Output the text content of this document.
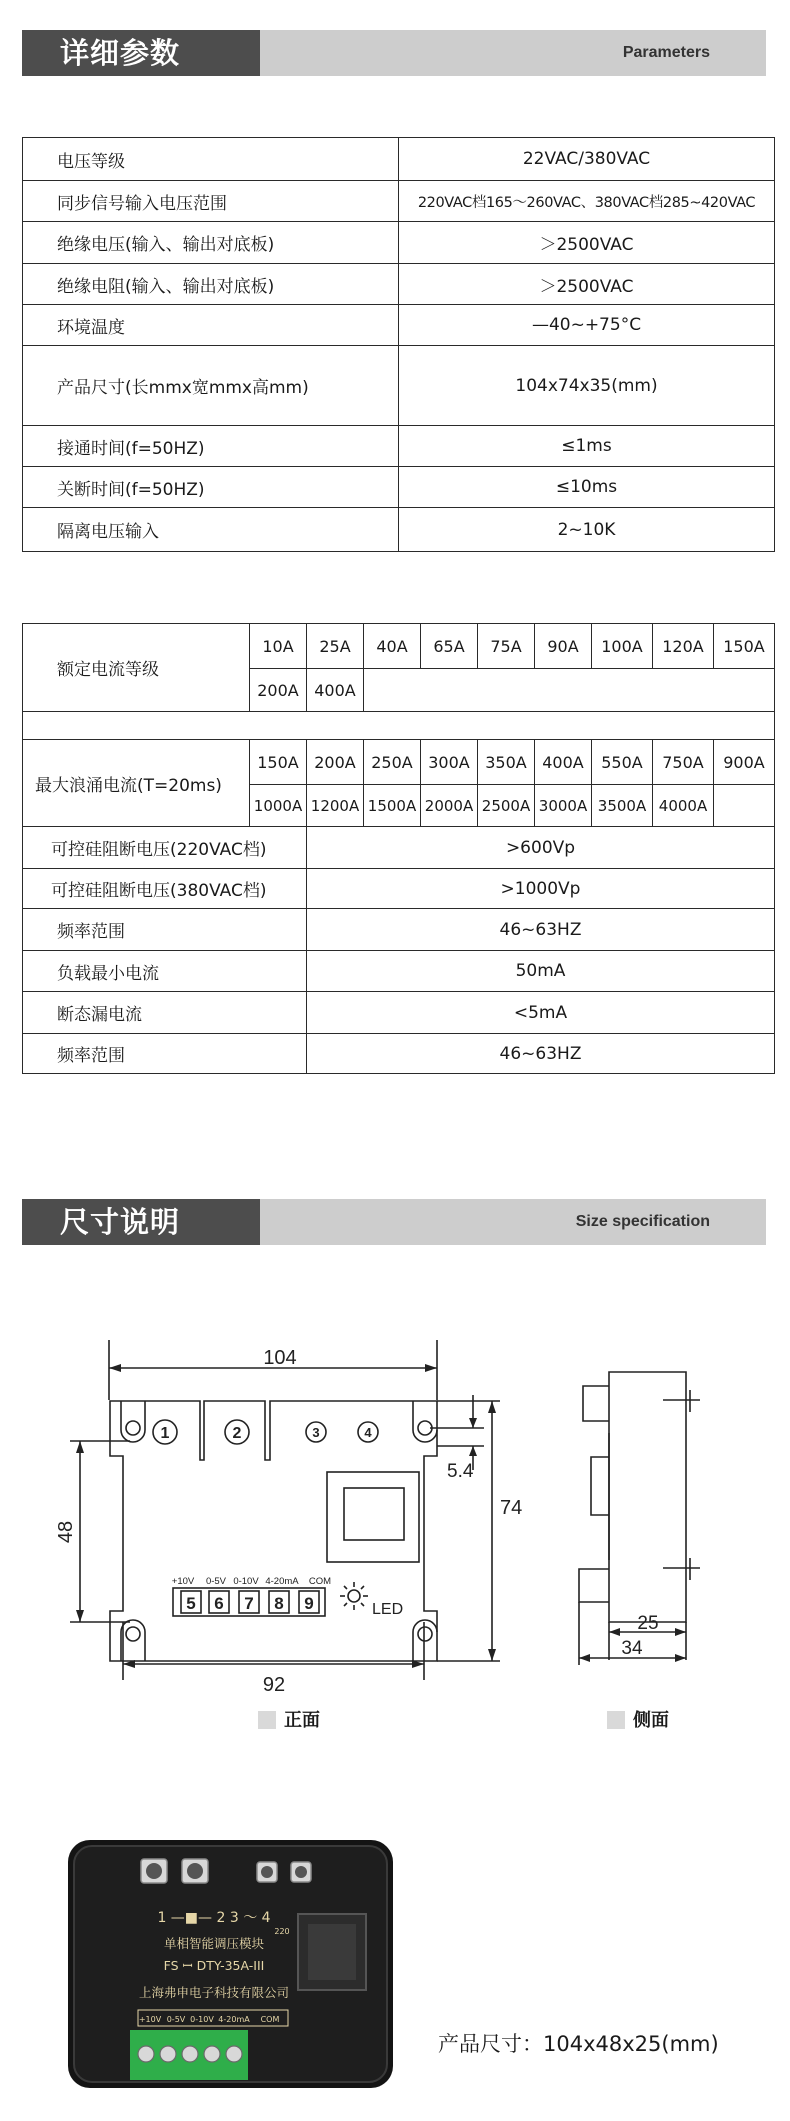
详细参数	Parameters
电压等级	22VAC/380VAC
同步信号输入电压范围	220VAC档165～260VAC、380VAC档285~420VAC
绝缘电压(输入、输出对底板)	＞2500VAC
绝缘电阻(输入、输出对底板)	＞2500VAC
环境温度	—40~+75°C
产品尺寸(长mmx宽mmx高mm)	104x74x35(mm)
接通时间(f=50HZ)	≤1ms
关断时间(f=50HZ)	≤10ms
隔离电压输入	2~10K
额定电流等级	10A	25A	40A	65A	75A	90A	100A	120A	150A
	200A	400A							

最大浪涌电流(T=20ms)	150A	200A	250A	300A	350A	400A	550A	750A	900A
	1000A	1200A	1500A	2000A	2500A	3000A	3500A	4000A	
可控硅阻断电压(220VAC档)		>600Vp							
可控硅阻断电压(380VAC档)		>1000Vp							
频率范围		46~63HZ							
负载最小电流		50mA							
断态漏电流		<5mA							
频率范围		46~63HZ							
尺寸说明	Size specification
104
1	2	3	4
+10V 0-5V 0-10V 4-20mA COM
5 6 7 8 9	LED
48
92
74
5.4
25
34
正面	侧面
1 —■— 2 3 ～ 4
220
单相智能调压模块
FS ꟷ DTY-35A-III
上海弗申电子科技有限公司
+10V 0-5V 0-10V 4-20mA COM
产品尺寸：104x48x25(mm)
